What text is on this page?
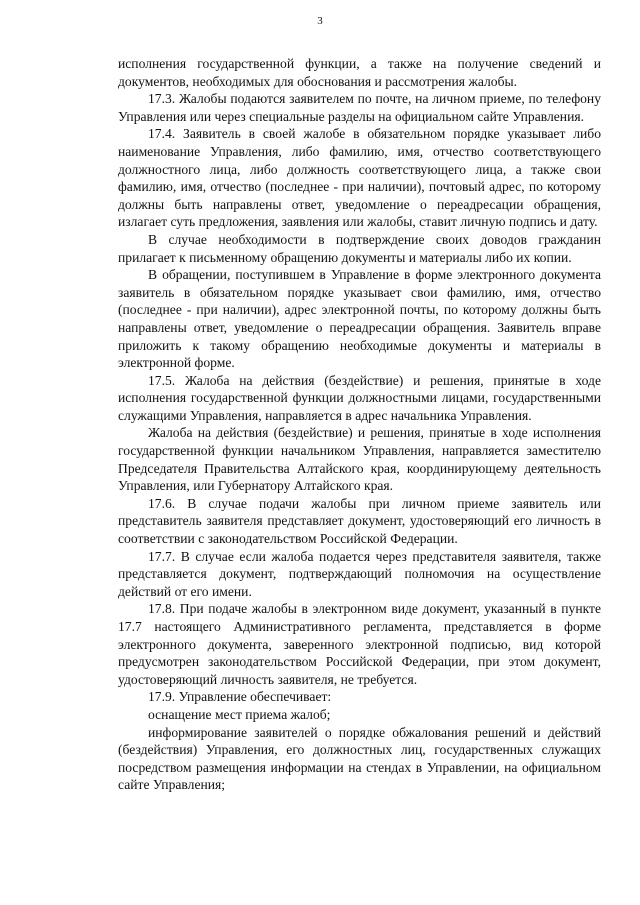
3

исполнения государственной функции, а также на получение сведений и документов, необходимых для обоснования и рассмотрения жалобы.

17.3. Жалобы подаются заявителем по почте, на личном приеме, по телефону Управления или через специальные разделы на официальном сайте Управления.

17.4. Заявитель в своей жалобе в обязательном порядке указывает либо наименование Управления, либо фамилию, имя, отчество соответствующего должностного лица, либо должность соответствующего лица, а также свои фамилию, имя, отчество (последнее - при наличии), почтовый адрес, по которому должны быть направлены ответ, уведомление о переадресации обращения, излагает суть предложения, заявления или жалобы, ставит личную подпись и дату.

В случае необходимости в подтверждение своих доводов гражданин прилагает к письменному обращению документы и материалы либо их копии.

В обращении, поступившем в Управление в форме электронного документа заявитель в обязательном порядке указывает свои фамилию, имя, отчество (последнее - при наличии), адрес электронной почты, по которому должны быть направлены ответ, уведомление о переадресации обращения. Заявитель вправе приложить к такому обращению необходимые документы и материалы в электронной форме.

17.5. Жалоба на действия (бездействие) и решения, принятые в ходе исполнения государственной функции должностными лицами, государственными служащими Управления, направляется в адрес начальника Управления.

Жалоба на действия (бездействие) и решения, принятые в ходе исполнения государственной функции начальником Управления, направляется заместителю Председателя Правительства Алтайского края, координирующему деятельность Управления, или Губернатору Алтайского края.

17.6. В случае подачи жалобы при личном приеме заявитель или представитель заявителя представляет документ, удостоверяющий его личность в соответствии с законодательством Российской Федерации.

17.7. В случае если жалоба подается через представителя заявителя, также представляется документ, подтверждающий полномочия на осуществление действий от его имени.

17.8. При подаче жалобы в электронном виде документ, указанный в пункте 17.7 настоящего Административного регламента, представляется в форме электронного документа, заверенного электронной подписью, вид которой предусмотрен законодательством Российской Федерации, при этом документ, удостоверяющий личность заявителя, не требуется.

17.9. Управление обеспечивает:

оснащение мест приема жалоб;

информирование заявителей о порядке обжалования решений и действий (бездействия) Управления, его должностных лиц, государственных служащих посредством размещения информации на стендах в Управлении, на официальном сайте Управления;
